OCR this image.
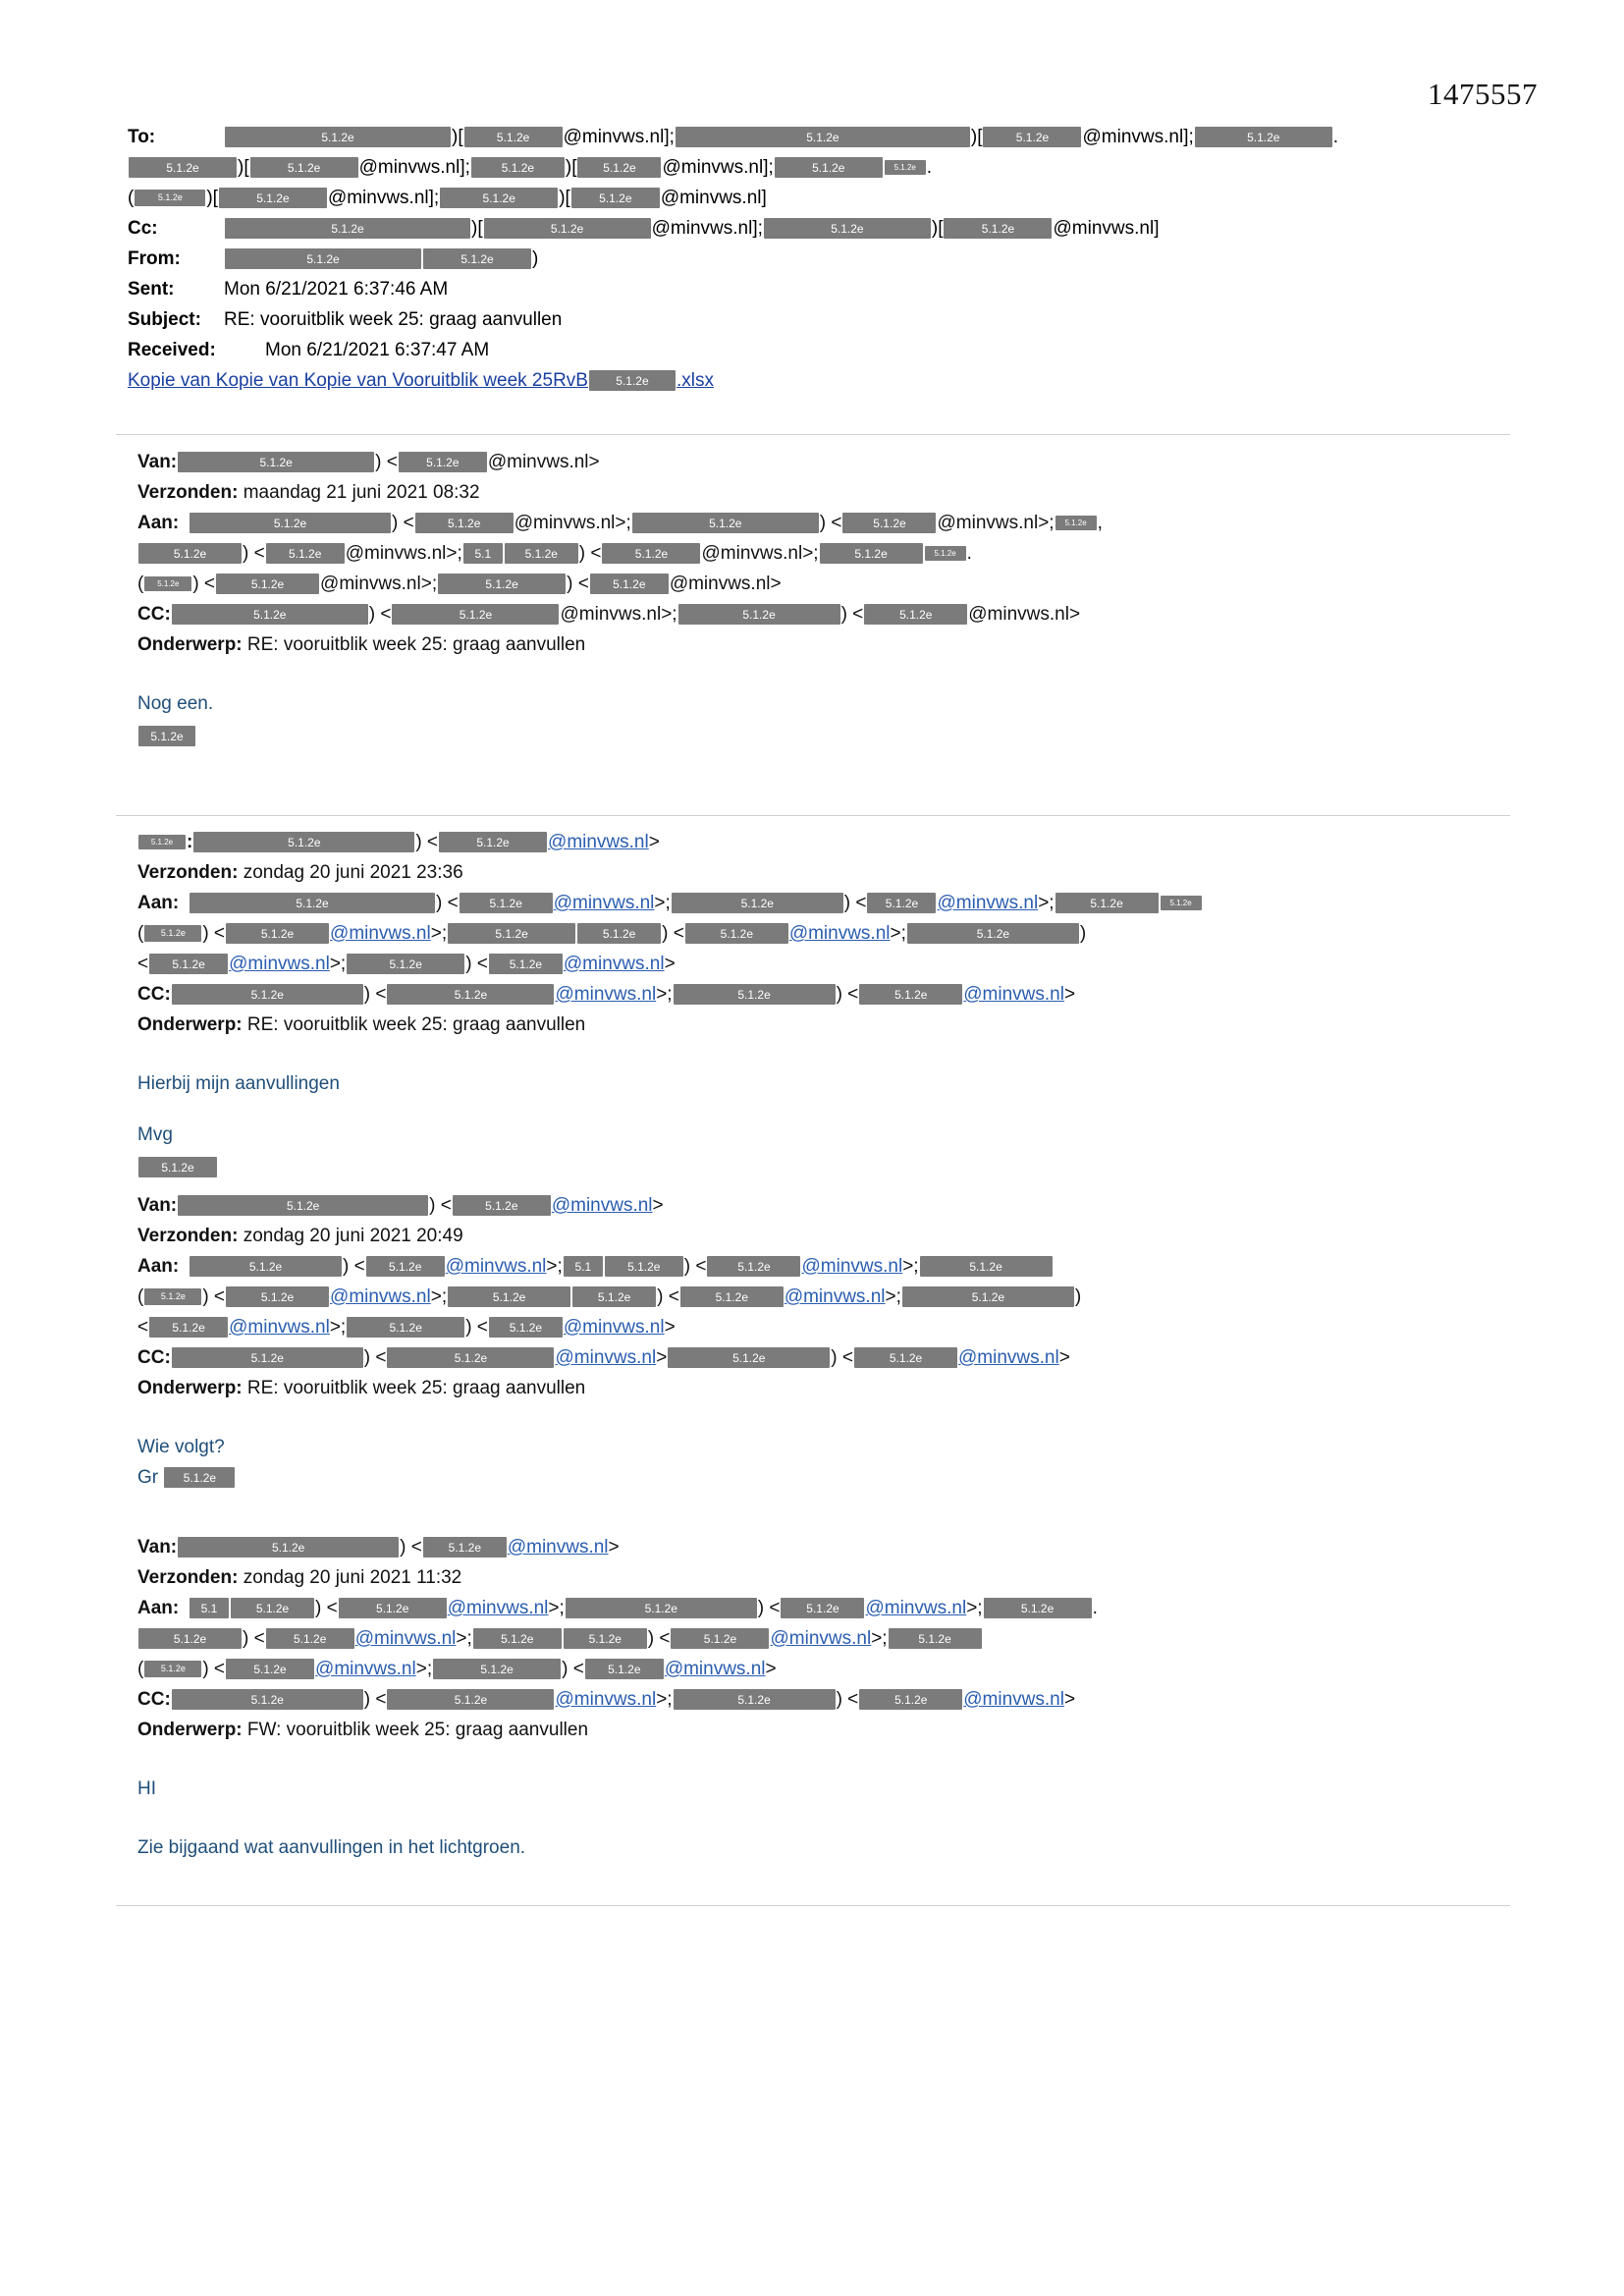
1475557
To:	5.1.2e	)[	5.1.2e @minvws.nl];	5.1.2e	)[	5.1.2e @minvws.nl];	5.1.2e	.
5.1.2e )[	5.1.2e @minvws.nl];	5.1.2e )[ 5.1.2e @minvws.nl];	5.1.2e	5.1.2e .
(	5.1.2e )[	5.1.2e @minvws.nl];	5.1.2e )[ 5.1.2e @minvws.nl]
Cc:	5.1.2e	)[	5.1.2e	@minvws.nl];	5.1.2e	)[	5.1.2e @minvws.nl]
From:	5.1.2e	5.1.2e )
Sent:	Mon 6/21/2021 6:37:46 AM
Subject: RE: vooruitblik week 25: graag aanvullen
Received:	Mon 6/21/2021 6:37:47 AM
Kopie van Kopie van Kopie van Vooruitblik week 25RvB 5.1.2e .xlsx
Van:	5.1.2e	) < 5.1.2e @minvws.nl>
Verzonden: maandag 21 juni 2021 08:32
Aan:	5.1.2e	) <	5.1.2e @minvws.nl>;	5.1.2e	) <	5.1.2e @minvws.nl>; 5.1.2e ,
5.1.2e ) < 5.1.2e @minvws.nl>; 5.1	5.1.2e ) <	5.1.2e @minvws.nl>;	5.1.2e	5.1.2e .
( 5.1.2e ) <	5.1.2e @minvws.nl>;	5.1.2e	) < 5.1.2e @minvws.nl>
CC:	5.1.2e	) <	5.1.2e	@minvws.nl>;	5.1.2e	) <	5.1.2e @minvws.nl>
Onderwerp: RE: vooruitblik week 25: graag aanvullen
Nog een.
5.1.2e
5.1.2e :	5.1.2e	) <	5.1.2e @minvws.nl>
Verzonden: zondag 20 juni 2021 23:36
Aan:	5.1.2e	) <	5.1.2e @minvws.nl>;	5.1.2e	) < 5.1.2e @minvws.nl>;	5.1.2e	5.1.2e
( 5.1.2e ) <	5.1.2e @minvws.nl>;	5.1.2e	5.1.2e ) <	5.1.2e @minvws.nl>;	5.1.2e	)
< 5.1.2e @minvws.nl>;	5.1.2e ) < 5.1.2e @minvws.nl>
CC:	5.1.2e	) <	5.1.2e	@minvws.nl>;	5.1.2e	) <	5.1.2e @minvws.nl>
Onderwerp: RE: vooruitblik week 25: graag aanvullen
Hierbij mijn aanvullingen
Mvg
5.1.2e
Van:	5.1.2e	) <	5.1.2e @minvws.nl>
Verzonden: zondag 20 juni 2021 20:49
Aan:	5.1.2e	) < 5.1.2e @minvws.nl>; 5.1	5.1.2e ) <	5.1.2e @minvws.nl>;	5.1.2e
( 5.1.2e ) <	5.1.2e @minvws.nl>;	5.1.2e	5.1.2e ) <	5.1.2e @minvws.nl>;	5.1.2e	)
< 5.1.2e @minvws.nl>;	5.1.2e ) < 5.1.2e @minvws.nl>
CC:	5.1.2e	) <	5.1.2e	@minvws.nl>	5.1.2e	) <	5.1.2e @minvws.nl>
Onderwerp: RE: vooruitblik week 25: graag aanvullen
Wie volgt?
Gr 5.1.2e
Van:	5.1.2e	) < 5.1.2e @minvws.nl>
Verzonden: zondag 20 juni 2021 11:32
Aan: 5.1	5.1.2e ) <	5.1.2e @minvws.nl>;	5.1.2e	) < 5.1.2e @minvws.nl>;	5.1.2e .
5.1.2e ) < 5.1.2e @minvws.nl>; 5.1.2e	5.1.2e ) <	5.1.2e @minvws.nl>;	5.1.2e
( 5.1.2e ) < 5.1.2e @minvws.nl>;	5.1.2e	) < 5.1.2e @minvws.nl>
CC:	5.1.2e	) <	5.1.2e	@minvws.nl>;	5.1.2e	) <	5.1.2e @minvws.nl>
Onderwerp: FW: vooruitblik week 25: graag aanvullen
HI
Zie bijgaand wat aanvullingen in het lichtgroen.
